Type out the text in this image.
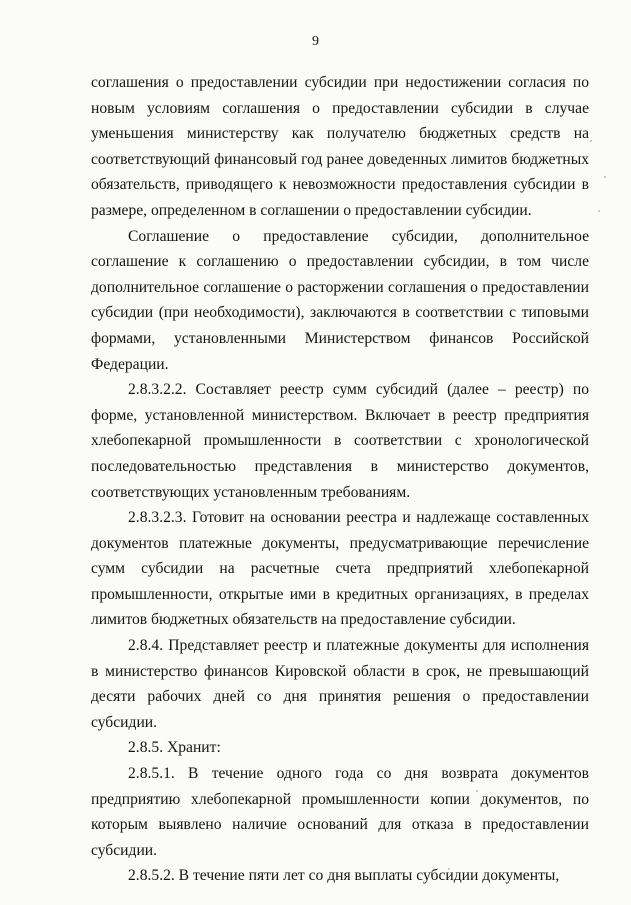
9

соглашения о предоставлении субсидии при недостижении согласия по новым условиям соглашения о предоставлении субсидии в случае уменьшения министерству как получателю бюджетных средств на соответствующий финансовый год ранее доведенных лимитов бюджетных обязательств, приводящего к невозможности предоставления субсидии в размере, определенном в соглашении о предоставлении субсидии.

Соглашение о предоставление субсидии, дополнительное соглашение к соглашению о предоставлении субсидии, в том числе дополнительное соглашение о расторжении соглашения о предоставлении субсидии (при необходимости), заключаются в соответствии с типовыми формами, установленными Министерством финансов Российской Федерации.

2.8.3.2.2. Составляет реестр сумм субсидий (далее – реестр) по форме, установленной министерством. Включает в реестр предприятия хлебопекарной промышленности в соответствии с хронологической последовательностью представления в министерство документов, соответствующих установленным требованиям.

2.8.3.2.3. Готовит на основании реестра и надлежаще составленных документов платежные документы, предусматривающие перечисление сумм субсидии на расчетные счета предприятий хлебопекарной промышленности, открытые ими в кредитных организациях, в пределах лимитов бюджетных обязательств на предоставление субсидии.

2.8.4. Представляет реестр и платежные документы для исполнения в министерство финансов Кировской области в срок, не превышающий десяти рабочих дней со дня принятия решения о предоставлении субсидии.

2.8.5. Хранит:

2.8.5.1. В течение одного года со дня возврата документов предприятию хлебопекарной промышленности копии документов, по которым выявлено наличие оснований для отказа в предоставлении субсидии.

2.8.5.2. В течение пяти лет со дня выплаты субсидии документы,
